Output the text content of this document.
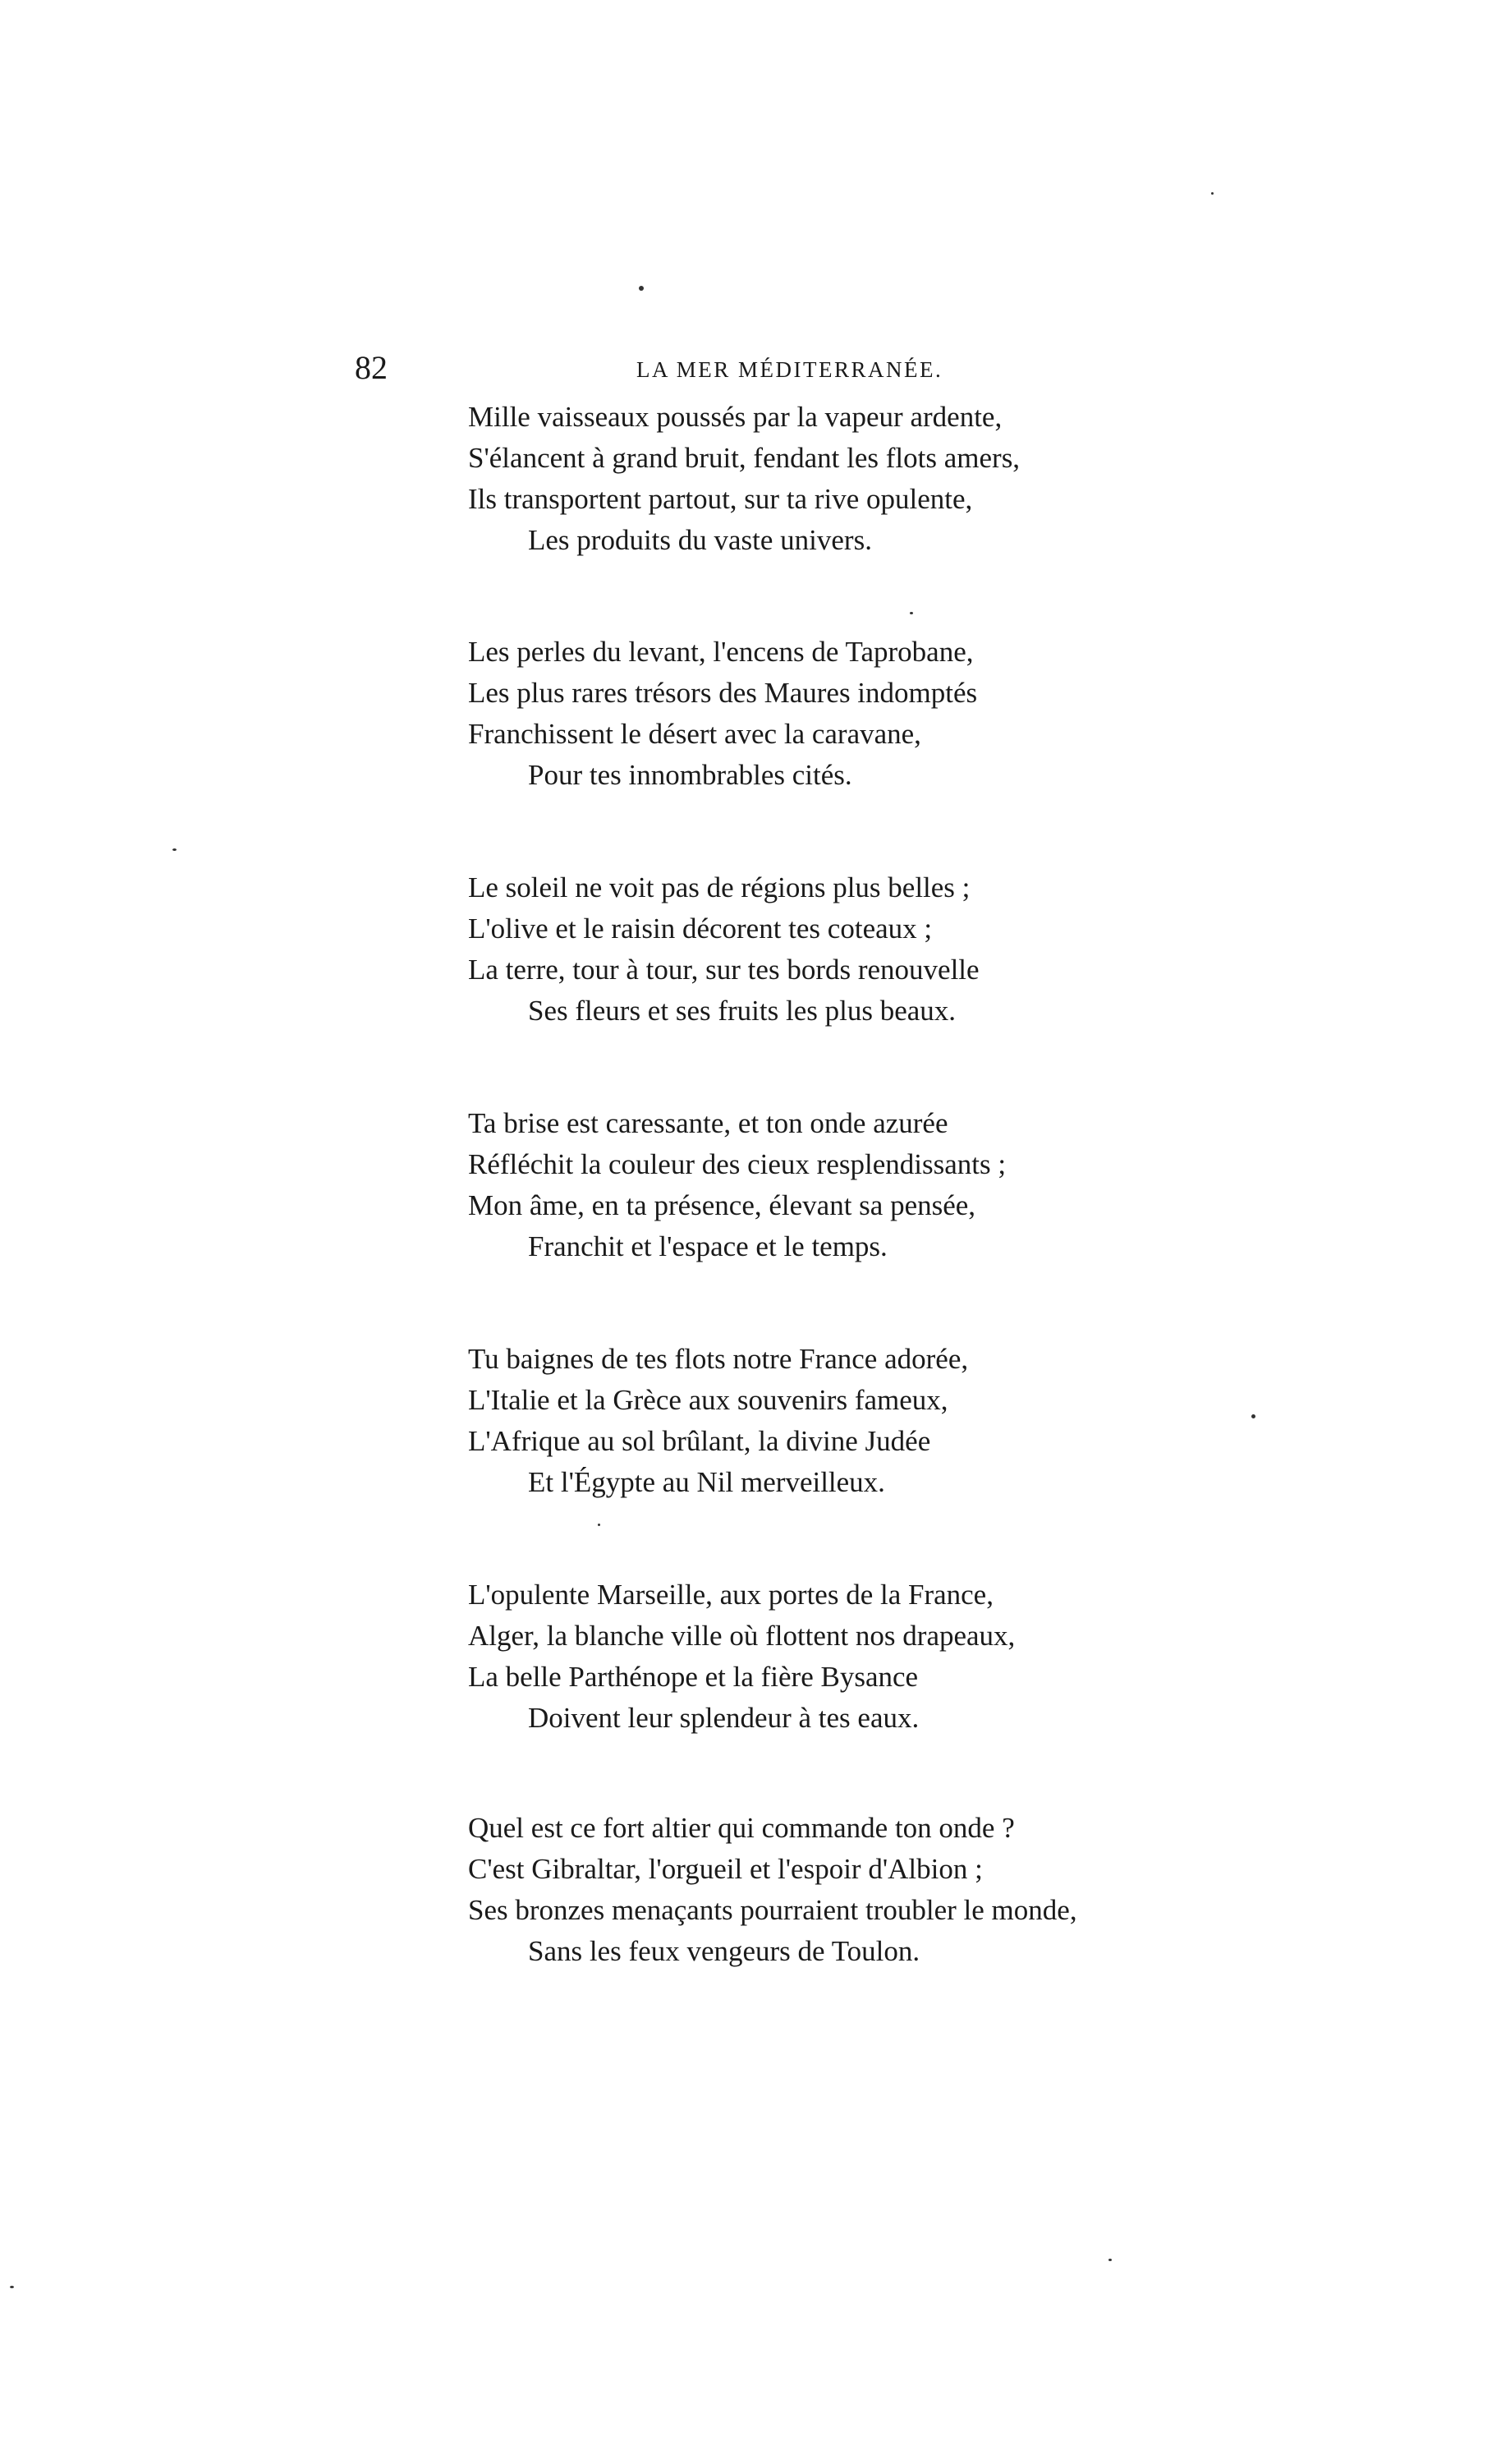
82	LA MER MÉDITERRANÉE.
Mille vaisseaux poussés par la vapeur ardente,
S'élancent à grand bruit, fendant les flots amers,
Ils transportent partout, sur ta rive opulente,
Les produits du vaste univers.
Les perles du levant, l'encens de Taprobane,
Les plus rares trésors des Maures indomptés
Franchissent le désert avec la caravane,
Pour tes innombrables cités.
Le soleil ne voit pas de régions plus belles ;
L'olive et le raisin décorent tes coteaux ;
La terre, tour à tour, sur tes bords renouvelle
Ses fleurs et ses fruits les plus beaux.
Ta brise est caressante, et ton onde azurée
Réfléchit la couleur des cieux resplendissants ;
Mon âme, en ta présence, élevant sa pensée,
Franchit et l'espace et le temps.
Tu baignes de tes flots notre France adorée,
L'Italie et la Grèce aux souvenirs fameux,
L'Afrique au sol brûlant, la divine Judée
Et l'Égypte au Nil merveilleux.
L'opulente Marseille, aux portes de la France,
Alger, la blanche ville où flottent nos drapeaux,
La belle Parthénope et la fière Bysance
Doivent leur splendeur à tes eaux.
Quel est ce fort altier qui commande ton onde ?
C'est Gibraltar, l'orgueil et l'espoir d'Albion ;
Ses bronzes menaçants pourraient troubler le monde,
Sans les feux vengeurs de Toulon.
